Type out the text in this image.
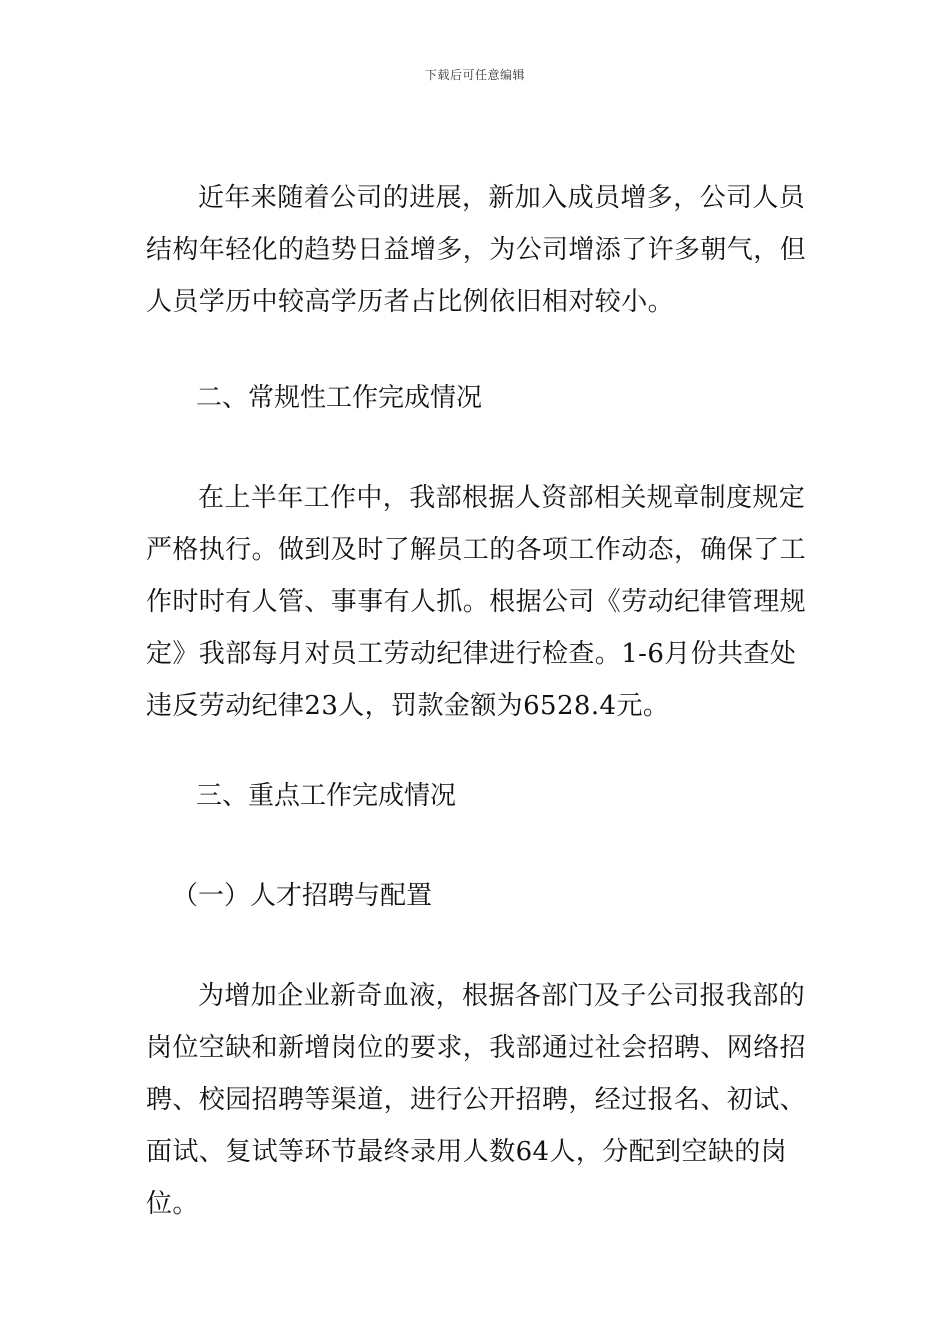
下载后可任意编辑

近年来随着公司的进展，新加入成员增多，公司人员结构年轻化的趋势日益增多，为公司增添了许多朝气，但人员学历中较高学历者占比例依旧相对较小。

二、常规性工作完成情况

在上半年工作中，我部根据人资部相关规章制度规定严格执行。做到及时了解员工的各项工作动态，确保了工作时时有人管、事事有人抓。根据公司《劳动纪律管理规定》我部每月对员工劳动纪律进行检查。1-6月份共查处违反劳动纪律23人，罚款金额为6528.4元。

三、重点工作完成情况

（一）人才招聘与配置

为增加企业新奇血液，根据各部门及子公司报我部的岗位空缺和新增岗位的要求，我部通过社会招聘、网络招聘、校园招聘等渠道，进行公开招聘，经过报名、初试、面试、复试等环节最终录用人数64人，分配到空缺的岗位。
